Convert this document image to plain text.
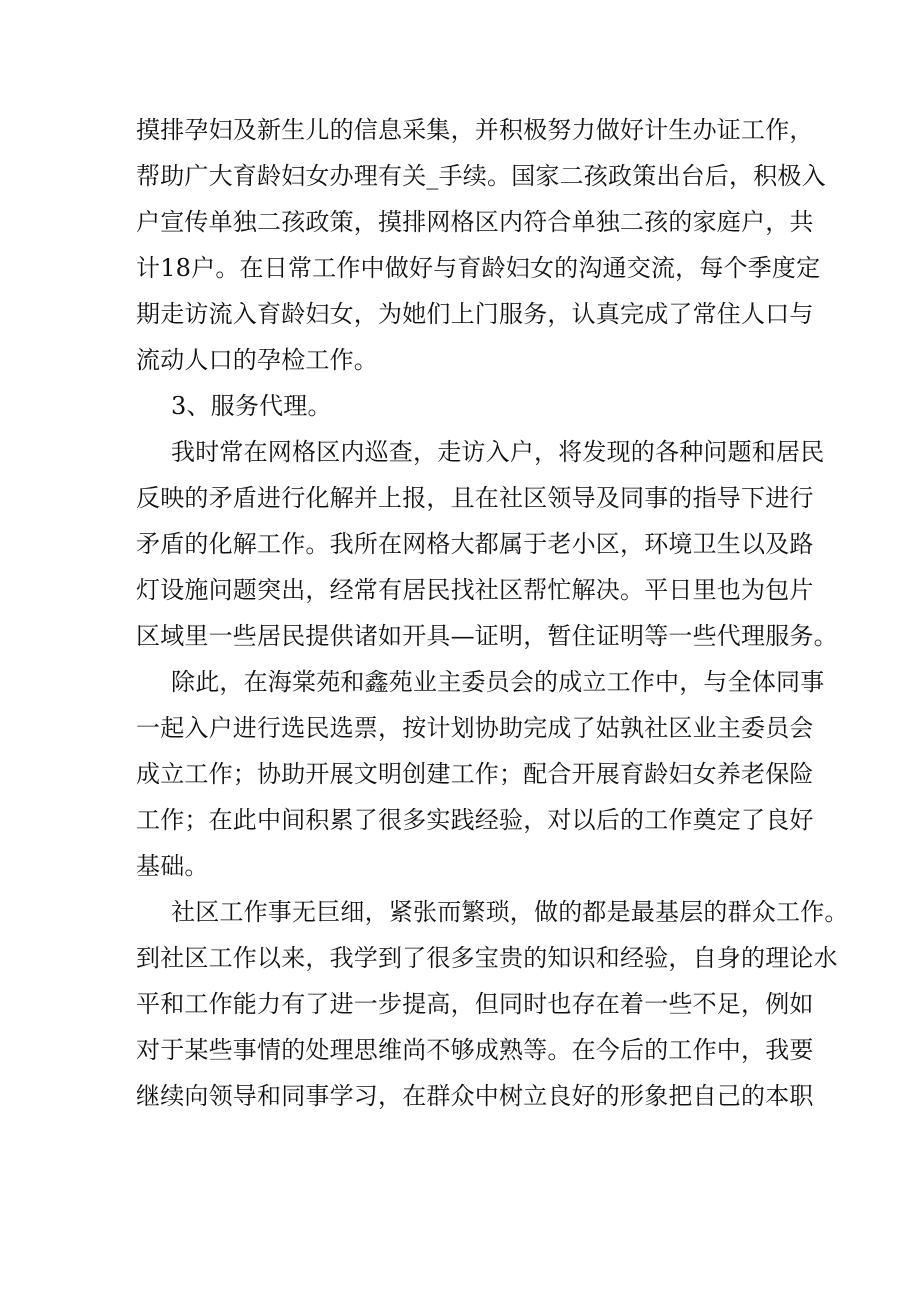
摸排孕妇及新生儿的信息采集，并积极努力做好计生办证工作，
帮助广大育龄妇女办理有关_手续。国家二孩政策出台后，积极入
户宣传单独二孩政策，摸排网格区内符合单独二孩的家庭户，共
计18户。在日常工作中做好与育龄妇女的沟通交流，每个季度定
期走访流入育龄妇女，为她们上门服务，认真完成了常住人口与
流动人口的孕检工作。
3、服务代理。
我时常在网格区内巡查，走访入户，将发现的各种问题和居民
反映的矛盾进行化解并上报，且在社区领导及同事的指导下进行
矛盾的化解工作。我所在网格大都属于老小区，环境卫生以及路
灯设施问题突出，经常有居民找社区帮忙解决。平日里也为包片
区域里一些居民提供诸如开具—证明，暂住证明等一些代理服务。
除此，在海棠苑和鑫苑业主委员会的成立工作中，与全体同事
一起入户进行选民选票，按计划协助完成了姑孰社区业主委员会
成立工作；协助开展文明创建工作；配合开展育龄妇女养老保险
工作；在此中间积累了很多实践经验，对以后的工作奠定了良好
基础。
社区工作事无巨细，紧张而繁琐，做的都是最基层的群众工作。
到社区工作以来，我学到了很多宝贵的知识和经验，自身的理论水
平和工作能力有了进一步提高，但同时也存在着一些不足，例如
对于某些事情的处理思维尚不够成熟等。在今后的工作中，我要
继续向领导和同事学习，在群众中树立良好的形象把自己的本职
